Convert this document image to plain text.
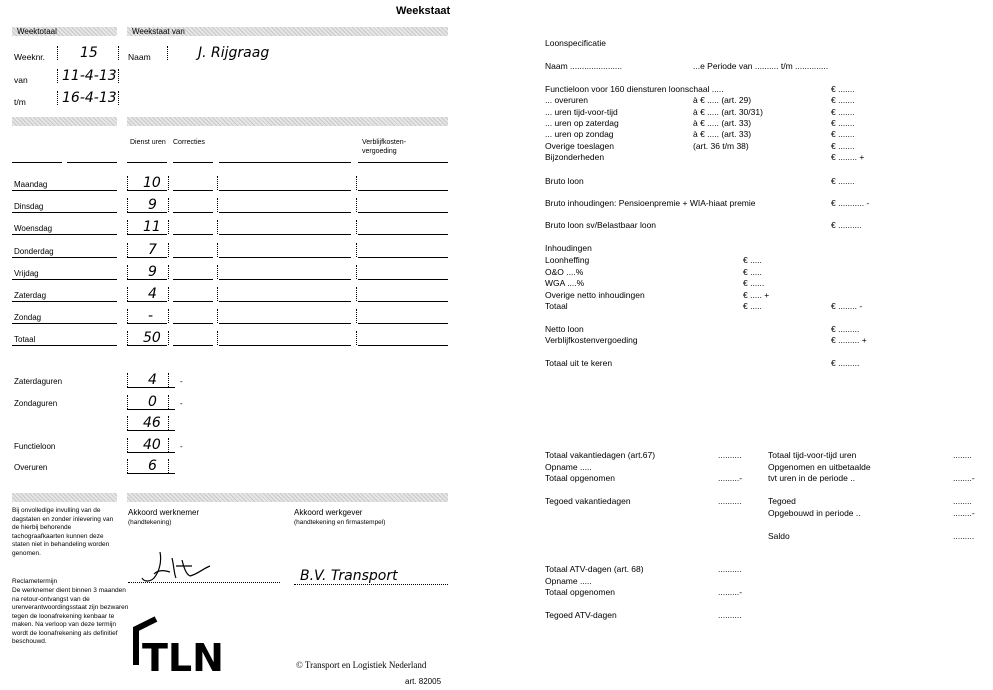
Weekstaat
Weektotaal	Weekstaat van
Weeknr. 15	Naam	J. Rijgraag
van 11-4-13
t/m	16-4-13
Dienst uren	Correcties	Verblijfkosten-vergoeding
Maandag	10
Dinsdag	9
Woensdag	11
Donderdag	7
Vrijdag	9
Zaterdag	4
Zondag	-
Totaal	50
Zaterdaguren	4	-
Zondaguren	0	-
46
Functieloon	40 -
Overuren	6
Bij onvolledige invulling van de dagstaten en zonder inlevering van de hierbij behorende tachograafkaarten kunnen deze staten niet in behandeling worden genomen.
Reclametermijn
De werknemer dient binnen 3 maanden na retour-ontvangst van de urenverantwoordingsstaat zijn bezwaren tegen de loonafrekening kenbaar te maken. Na verloop van deze termijn wordt de loonafrekening als definitief beschouwd.
Akkoord werknemer
(handtekening)
Akkoord werkgever
(handtekening en firmastempel)
B.V. Transport
TLN	© Transport en Logistiek Nederland
art. 82005
Loonspecificatie
Naam ......................	...e Periode van .......... t/m ..............
Functieloon voor 160 diensturen loonschaal .....	€ .......
... overuren	à € ..... (art. 29)	€ .......
... uren tijd-voor-tijd	à € ..... (art. 30/31)	€ .......
... uren op zaterdag	à € ..... (art. 33)	€ .......
... uren op zondag	à € ..... (art. 33)	€ .......
Overige toeslagen	(art. 36 t/m 38)	€ .......
Bijzonderheden	€ ........ +
Bruto loon	€ .......
Bruto inhoudingen: Pensioenpremie + WIA-hiaat premie	€ ........... -
Bruto loon sv/Belastbaar loon	€ ..........
Inhoudingen
Loonheffing	€ .....
O&O ....%	€ .....
WGA ....%	€ ......
Overige netto inhoudingen	€ ..... +
Totaal	€ .....	€ ........ -
Netto loon	€ .........
Verblijfkostenvergoeding	€ ......... +
Totaal uit te keren	€ .........
Totaal vakantiedagen (art.67)	..........
Opname .....
Totaal opgenomen	.........-
Tegoed vakantiedagen	..........
Totaal tijd-voor-tijd uren	........
Opgenomen en uitbetaalde
tvt uren in de periode ..	........-
Tegoed	........
Opgebouwd in periode ..	........-
Saldo	.........
Totaal ATV-dagen (art. 68)	..........
Opname .....
Totaal opgenomen	.........-
Tegoed ATV-dagen	..........
